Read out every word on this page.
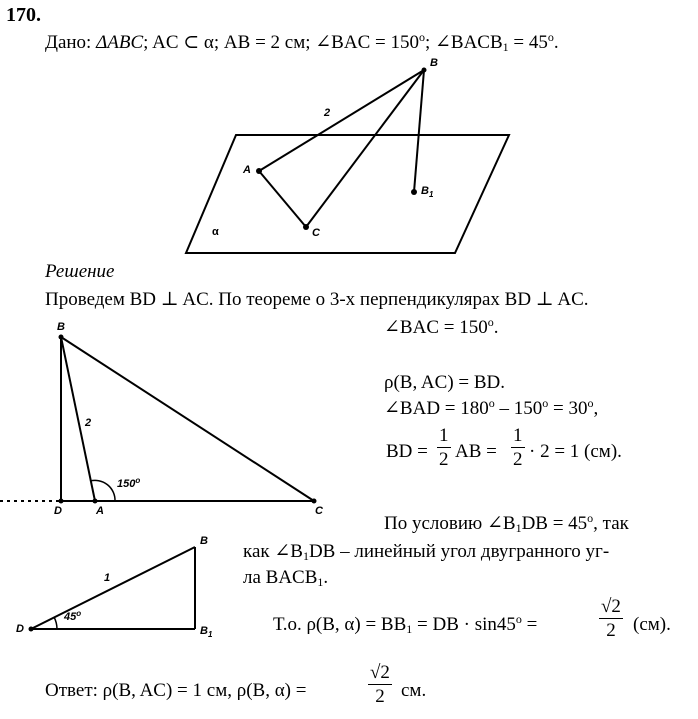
170.
Дано: ΔABC; AC ⊂ α; AB = 2 см; ∠BAC = $150^o$; $\angle BACB_1 = 45^o$.
B
A
C
$B_1$
α
2
Решение
Проведем BD ⊥ AC. По теореме о 3-х перпендикулярах BD ⊥ AC.
∠BAC = $150^o$.
B
D	A	C
2
150$^o$
ρ(B, AC) = BD.
∠BAD = $180^o - 150^o = 30^o$,
BD =
1
2 AB =
1
2 · 2 = 1 (см).
По условию $\angle B_1DB = 45^o$, так
как $\angle B_1DB$ – линейный угол двугранного уг-
ла $BACB_1$.
B
D	$B_1$
1
45$^o$
Т.о. ρ(B, $\alpha) = BB_1$ = DB · $\sin 45^o$ =
√2
2 (см).
Ответ: ρ(B, AC) = 1 см, ρ(B, α) =
√2
2 см.
